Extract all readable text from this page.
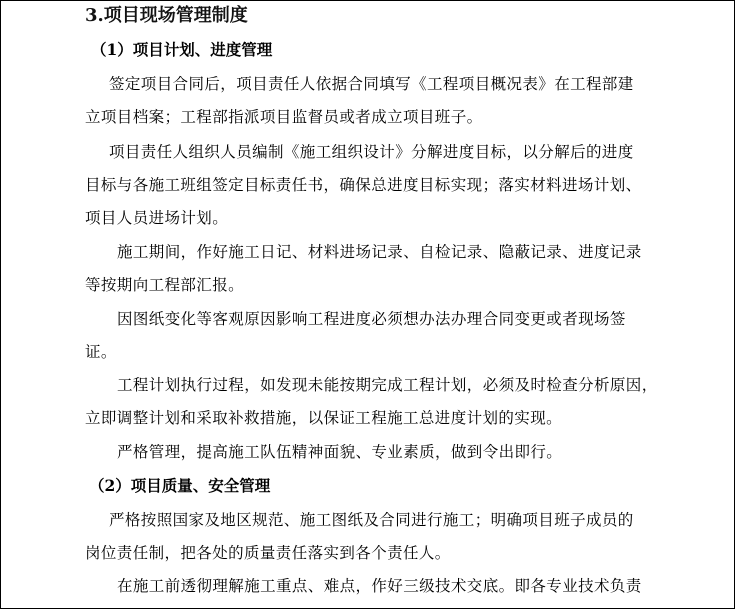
3.项目现场管理制度
（1）项目计划、进度管理
签定项目合同后，项目责任人依据合同填写《工程项目概况表》在工程部建
立项目档案；工程部指派项目监督员或者成立项目班子。
项目责任人组织人员编制《施工组织设计》分解进度目标，以分解后的进度
目标与各施工班组签定目标责任书，确保总进度目标实现；落实材料进场计划、
项目人员进场计划。
施工期间，作好施工日记、材料进场记录、自检记录、隐蔽记录、进度记录
等按期向工程部汇报。
因图纸变化等客观原因影响工程进度必须想办法办理合同变更或者现场签
证。
工程计划执行过程，如发现未能按期完成工程计划，必须及时检查分析原因，
立即调整计划和采取补救措施，以保证工程施工总进度计划的实现。
严格管理，提高施工队伍精神面貌、专业素质，做到令出即行。
（2）项目质量、安全管理
严格按照国家及地区规范、施工图纸及合同进行施工；明确项目班子成员的
岗位责任制，把各处的质量责任落实到各个责任人。
在施工前透彻理解施工重点、难点，作好三级技术交底。即各专业技术负责
